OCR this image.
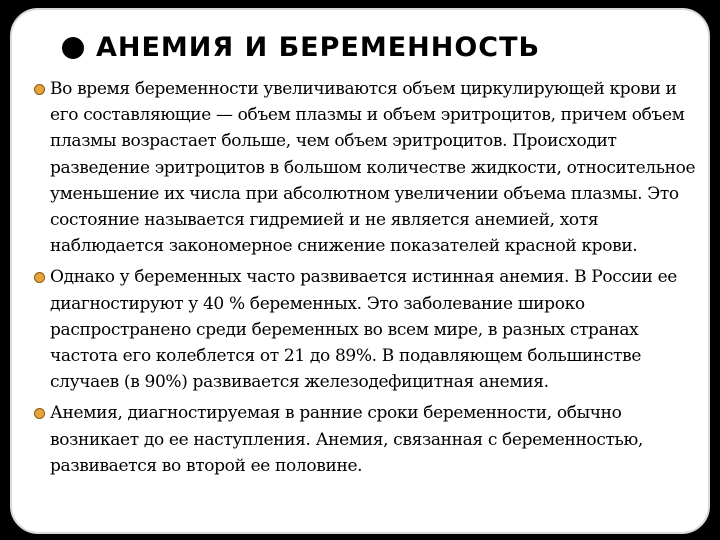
АНЕМИЯ И БЕРЕМЕННОСТЬ
Во время беременности увеличиваются объем циркулирующей крови и его составляющие — объем плазмы и объем эритроцитов, причем объем плазмы возрастает больше, чем объем эритроцитов. Происходит разведение эритроцитов в большом количестве жидкости, относительное уменьшение их числа при абсолютном увеличении объема плазмы. Это состояние называется гидремией и не является анемией, хотя наблюдается закономерное снижение показателей красной крови.
Однако у беременных часто развивается истинная анемия. В России ее диагностируют у 40 % беременных. Это заболевание широко распространено среди беременных во всем мире, в разных странах частота его колеблется от 21 до 89%. В подавляющем большинстве случаев (в 90%) развивается железодефицитная анемия.
Анемия, диагностируемая в ранние сроки беременности, обычно возникает до ее наступления. Анемия, связанная с беременностью, развивается во второй ее половине.
